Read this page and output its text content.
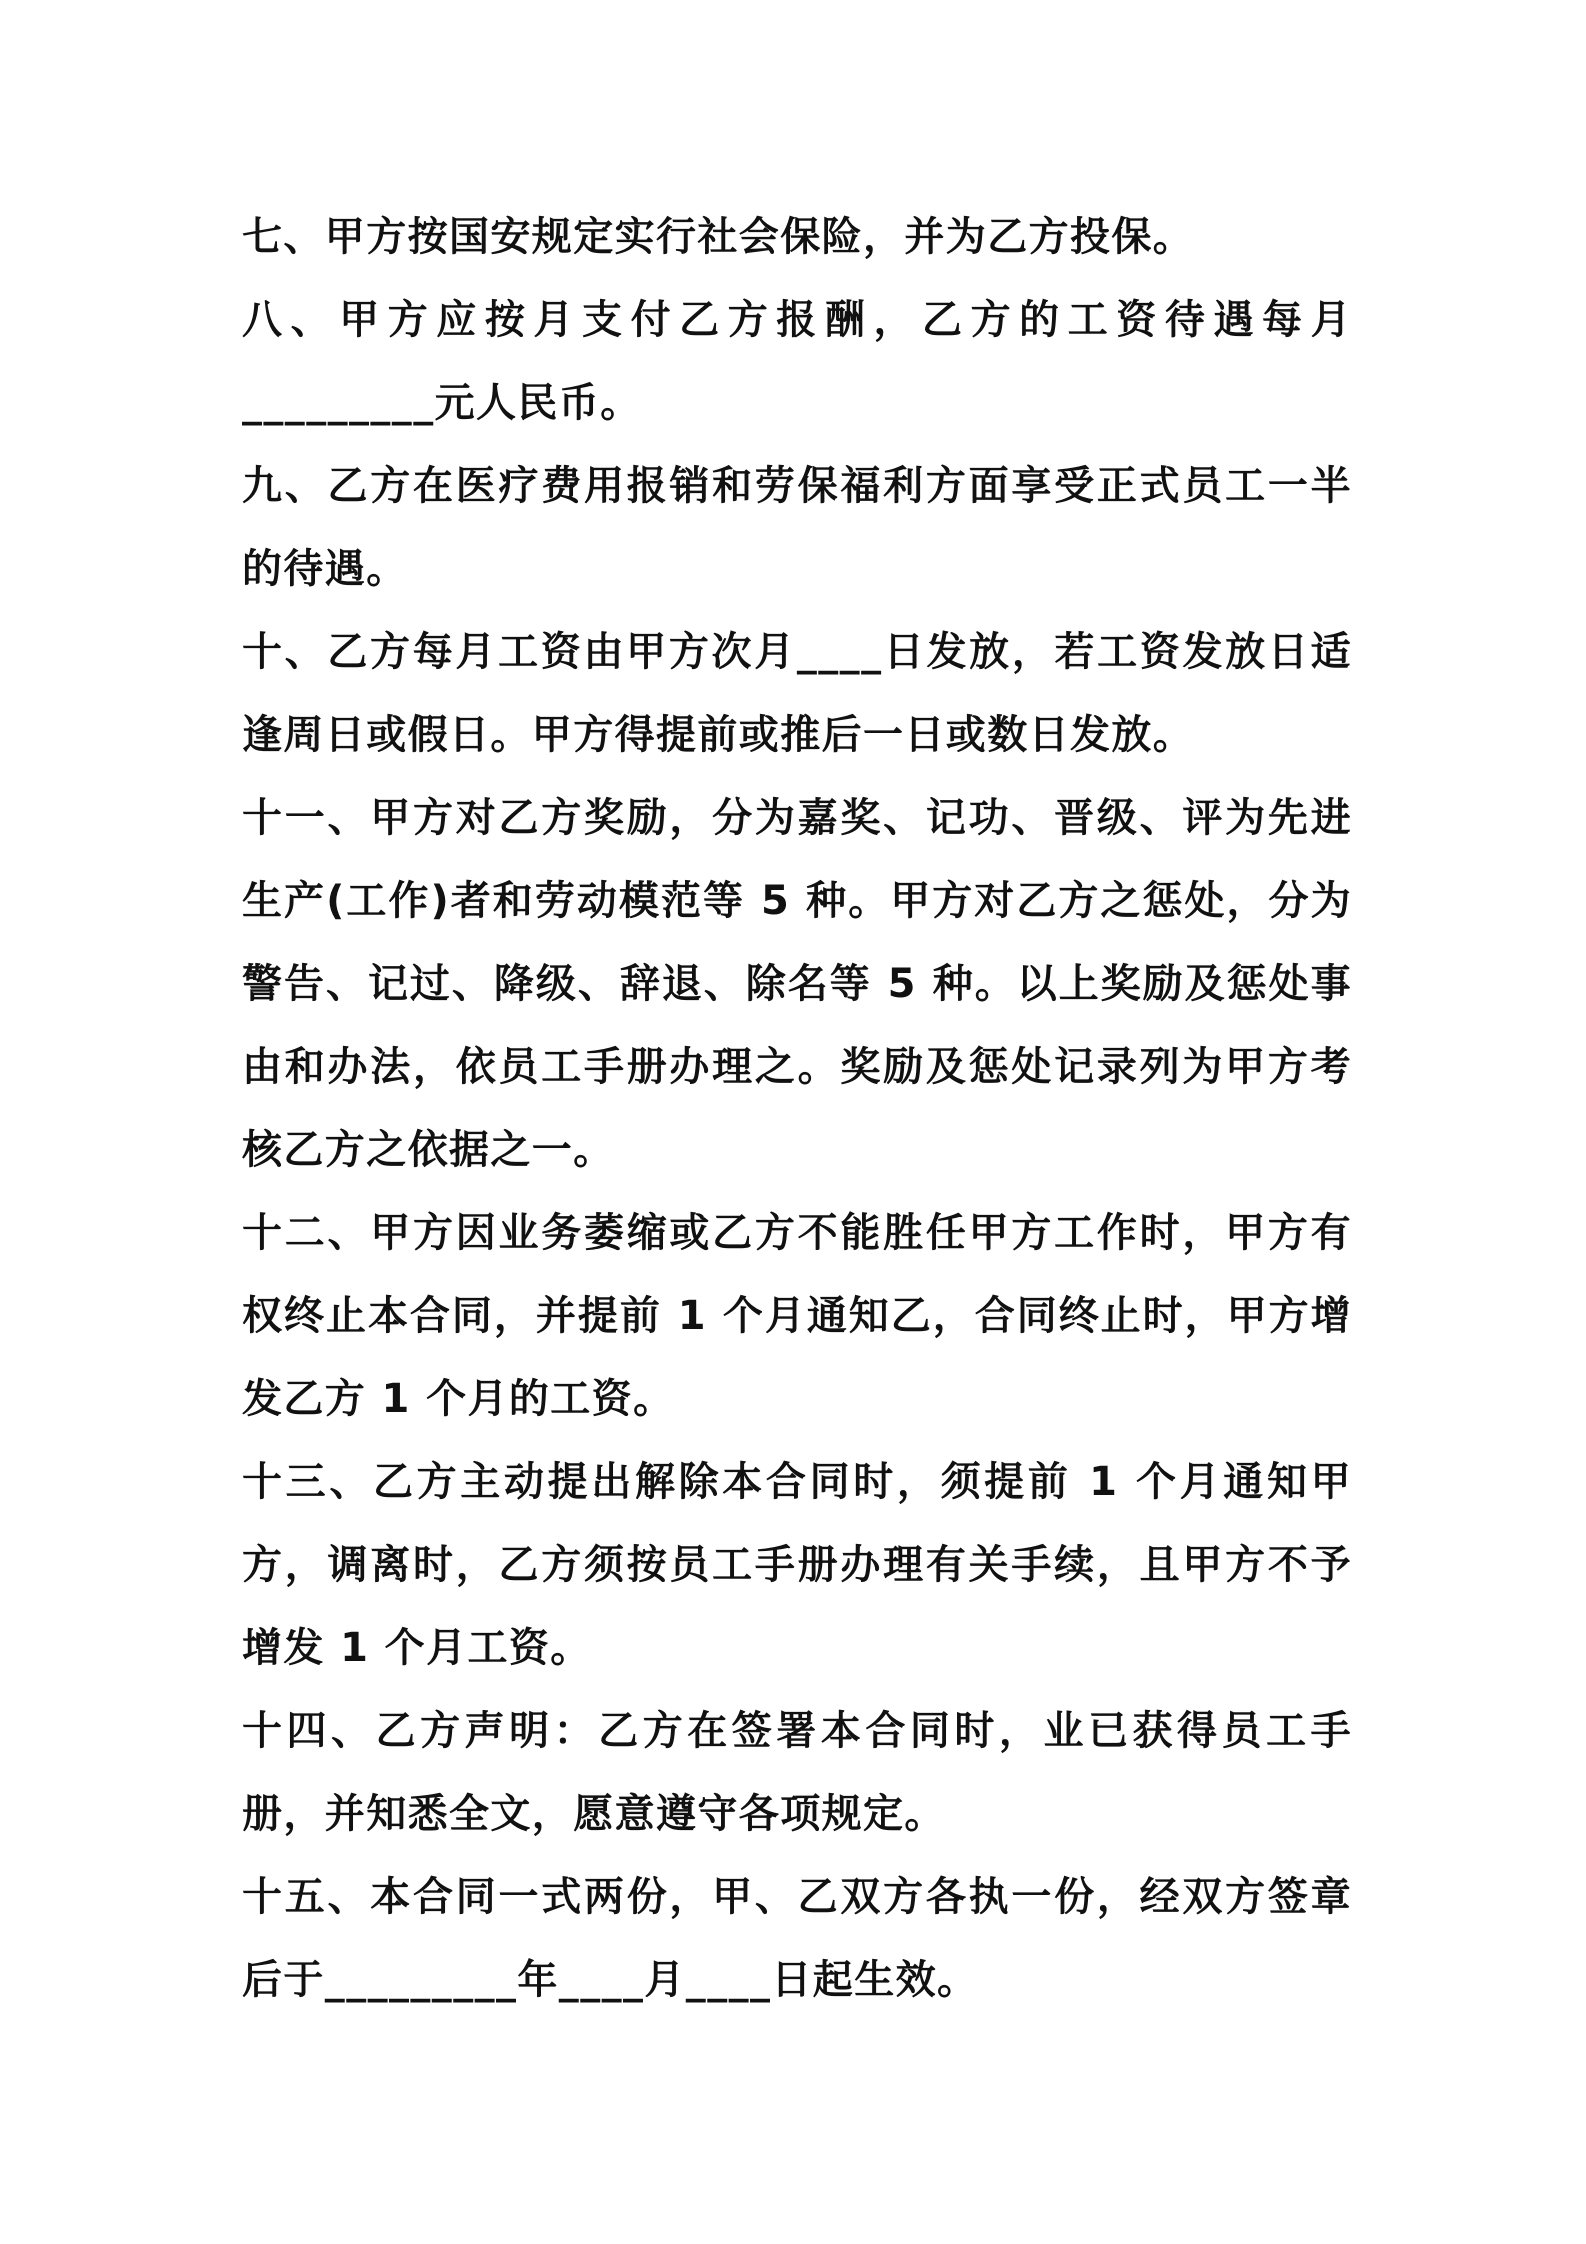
七、甲方按国安规定实行社会保险，并为乙方投保。

八、甲方应按月支付乙方报酬，乙方的工资待遇每月

_________元人民币。

九、乙方在医疗费用报销和劳保福利方面享受正式员工一半的待遇。

十、乙方每月工资由甲方次月____日发放，若工资发放日适逢周日或假日。甲方得提前或推后一日或数日发放。

十一、甲方对乙方奖励，分为嘉奖、记功、晋级、评为先进生产(工作)者和劳动模范等 5 种。甲方对乙方之惩处，分为警告、记过、降级、辞退、除名等 5 种。以上奖励及惩处事由和办法，依员工手册办理之。奖励及惩处记录列为甲方考核乙方之依据之一。

十二、甲方因业务萎缩或乙方不能胜任甲方工作时，甲方有权终止本合同，并提前 1 个月通知乙，合同终止时，甲方增发乙方 1 个月的工资。

十三、乙方主动提出解除本合同时，须提前 1 个月通知甲方，调离时，乙方须按员工手册办理有关手续，且甲方不予增发 1 个月工资。

十四、乙方声明：乙方在签署本合同时，业已获得员工手册，并知悉全文，愿意遵守各项规定。

十五、本合同一式两份，甲、乙双方各执一份，经双方签章后于_________年____月____日起生效。
